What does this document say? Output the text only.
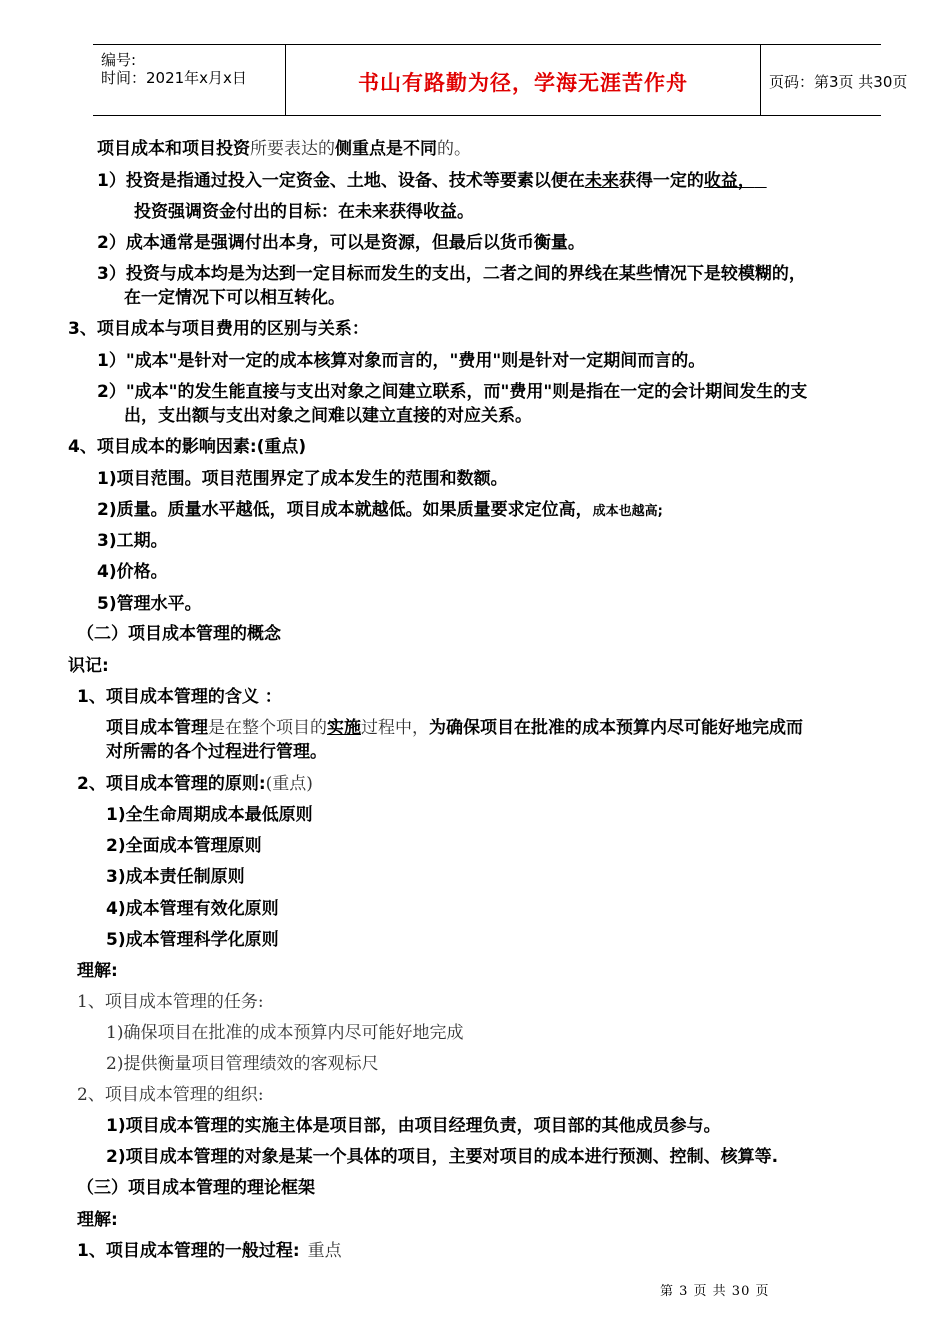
编号:
时间：2021年x月x日	书山有路勤为径，学海无涯苦作舟	页码：第3页 共30页
项目成本和项目投资所要表达的侧重点是不同的。
1）投资是指通过投入一定资金、土地、设备、技术等要素以便在未来获得一定的收益，
投资强调资金付出的目标：在未来获得收益。
2）成本通常是强调付出本身，可以是资源，但最后以货币衡量。
3）投资与成本均是为达到一定目标而发生的支出，二者之间的界线在某些情况下是较模糊的，
在一定情况下可以相互转化。
3、项目成本与项目费用的区别与关系：
1）"成本"是针对一定的成本核算对象而言的，"费用"则是针对一定期间而言的。
2）"成本"的发生能直接与支出对象之间建立联系，而"费用"则是指在一定的会计期间发生的支
出，支出额与支出对象之间难以建立直接的对应关系。
4、项目成本的影响因素:(重点)
1)项目范围。项目范围界定了成本发生的范围和数额。
2)质量。质量水平越低，项目成本就越低。如果质量要求定位高，成本也越高;
3)工期。
4)价格。
5)管理水平。
（二）项目成本管理的概念
识记:
1、项目成本管理的含义 ：
项目成本管理是在整个项目的实施过程中，为确保项目在批准的成本预算内尽可能好地完成而
对所需的各个过程进行管理。
2、项目成本管理的原则:(重点)
1)全生命周期成本最低原则
2)全面成本管理原则
3)成本责任制原则
4)成本管理有效化原则
5)成本管理科学化原则
理解:
1、项目成本管理的任务:
1)确保项目在批准的成本预算内尽可能好地完成
2)提供衡量项目管理绩效的客观标尺
2、项目成本管理的组织:
1)项目成本管理的实施主体是项目部，由项目经理负责，项目部的其他成员参与。
2)项目成本管理的对象是某一个具体的项目，主要对项目的成本进行预测、控制、核算等.
（三）项目成本管理的理论框架
理解:
1、项目成本管理的一般过程: 重点
第 3 页 共 30 页
